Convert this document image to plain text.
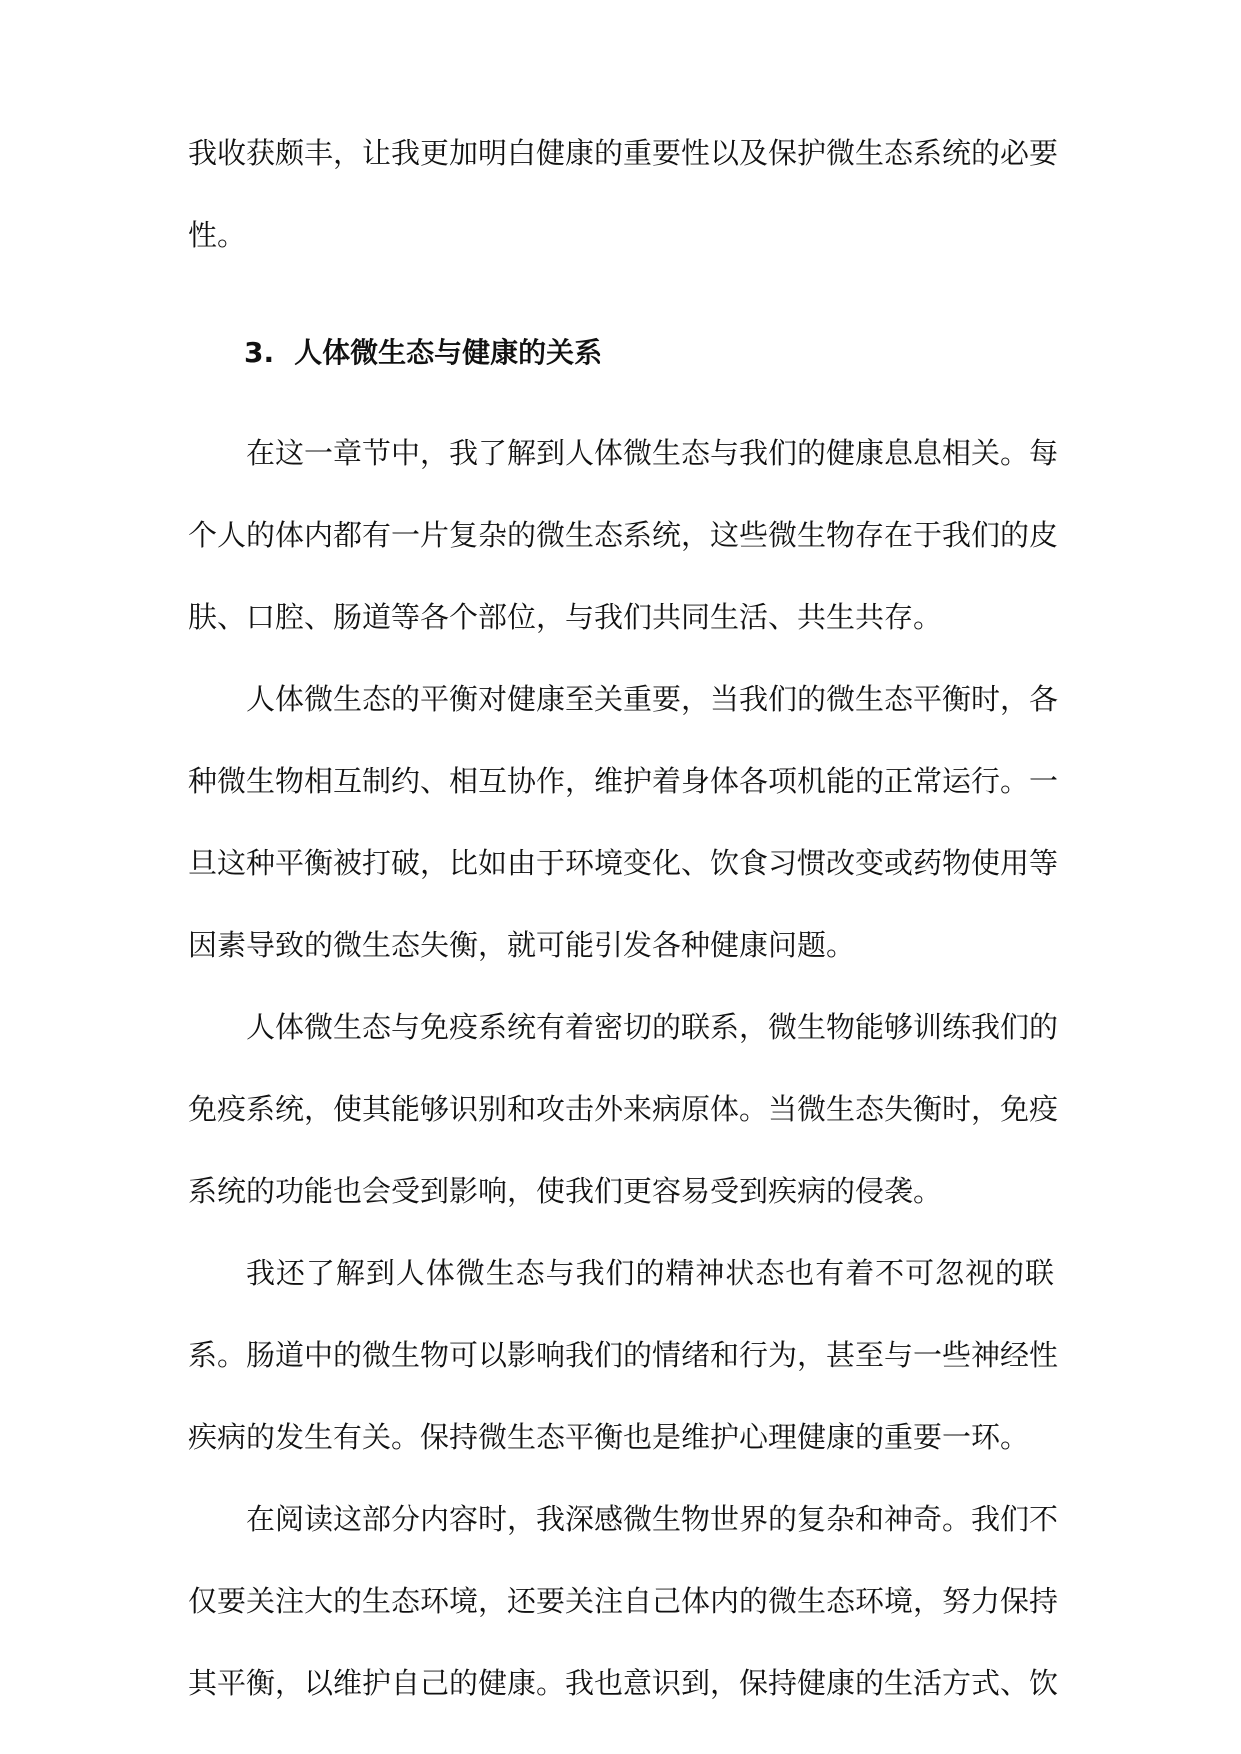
我收获颇丰，让我更加明白健康的重要性以及保护微生态系统的必要
性。
3. 人体微生态与健康的关系
在这一章节中，我了解到人体微生态与我们的健康息息相关。每
个人的体内都有一片复杂的微生态系统，这些微生物存在于我们的皮
肤、口腔、肠道等各个部位，与我们共同生活、共生共存。
人体微生态的平衡对健康至关重要，当我们的微生态平衡时，各
种微生物相互制约、相互协作，维护着身体各项机能的正常运行。一
旦这种平衡被打破，比如由于环境变化、饮食习惯改变或药物使用等
因素导致的微生态失衡，就可能引发各种健康问题。
人体微生态与免疫系统有着密切的联系，微生物能够训练我们的
免疫系统，使其能够识别和攻击外来病原体。当微生态失衡时，免疫
系统的功能也会受到影响，使我们更容易受到疾病的侵袭。
我还了解到人体微生态与我们的精神状态也有着不可忽视的联
系。肠道中的微生物可以影响我们的情绪和行为，甚至与一些神经性
疾病的发生有关。保持微生态平衡也是维护心理健康的重要一环。
在阅读这部分内容时，我深感微生物世界的复杂和神奇。我们不
仅要关注大的生态环境，还要关注自己体内的微生态环境，努力保持
其平衡，以维护自己的健康。我也意识到，保持健康的生活方式、饮
